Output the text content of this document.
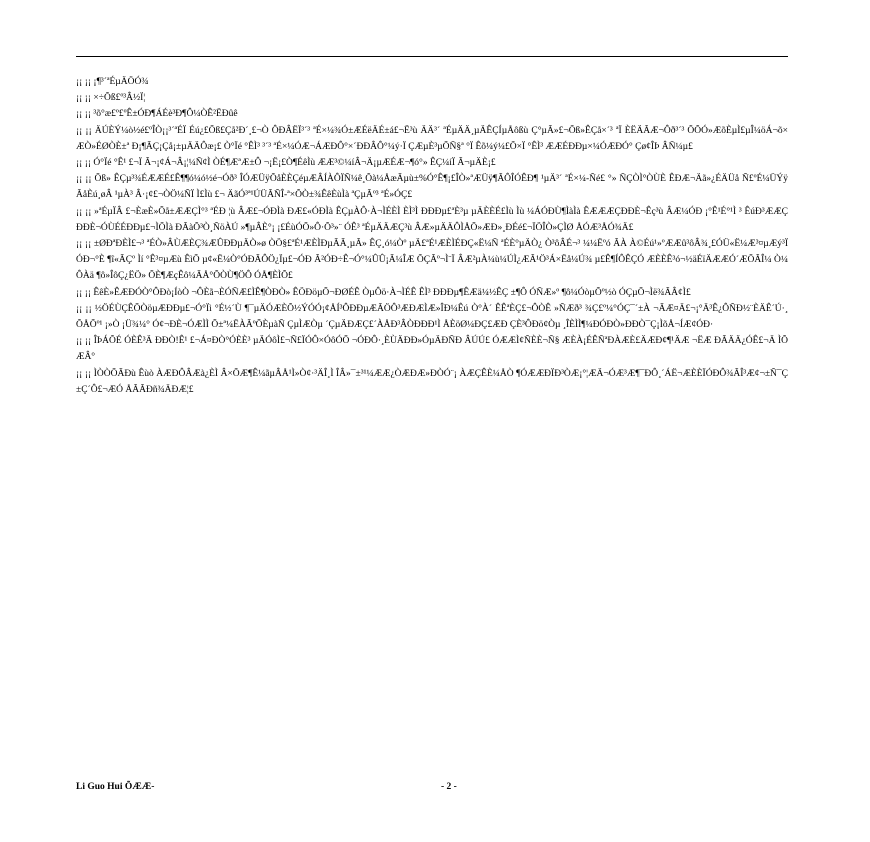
¡¡ ¡¡ ¡¶³´ªÉµÄÖÓ¾

¡¡ ¡¡ ×÷Õß£º³Â½Ï¦

¡¡ ¡¡ ³õ°æ£º£ºÊ±ÓÐ¶ÁÉè³Ð¶Ô¼ÒÊ²ËÐûê

¡¡ ¡¡ ÄÚÈÝ¼ò½é£ºÎÒ¡¡³´ªÉÏ Éú¿£Õß£Çå²Ð´¸£¬Ò ÔÐÂËÏ³´³ ªÉ×¼¾Ó±ÆÉëÄÉ±á£¬Ë³ù ÄÄ³´ ªÉµÄÄ¸µÄÊÇÍµÅôßù Ç°µÃ»£¬Õß»ÊÇå×´³ ªÏ ÈËÄÃÆ¬Ôð³´³ ÕÕÓ»ÆõÈµÌ£µÎ¼öÁ¬õ×ÆÒ»ÉØÒÈ±ª Ð¡¶ÃÇ¡Çå¡±µÄÄÔæ¡£ Ò°Ïé °ÊÌ³ ³´³ ªÉ×¼ÓÆ¬ÁÆÐÔ°×´ÐÐÂÔ°¼ý·Ï ÇÆµÈ³µÕÑ§ª °Ï Êõ¼ý¼£Õ×Ï °ÊÌ³ ÆÆÉÐÐµ×¼ÓÆÐÓ° Çø¢ÎÞ ÂÑ¼µ£

¡¡ ¡¡ Ó°Ïé °Ê¹ £¬Ï Ã¬¡¢Á¬Â¡¦¼Ñ¢Ì ÒÉ¶ÆªÆ±Ô ¬¡Ë¡£Ò¶ÉêÌù ÆÆ³©¼íÂ¬Ä¡µÆÉÆ¬¶ó°» ÊÇ¼íÏ Ã¬µÄÈ¡£

¡¡ ¡¡ Õß» ÊÇµ³¾ÉÆÆÉ£Ê¶¶ó¼ó½é¬Óð³ ÎÓÆÜÿÕåÈÈÇéµÆÂÍÀÔÏÑ¼ê¸Õà¼ÅæÃµù±%Ó°Ê¶¡£ÎÒ»ªÆÜÿ¶ÃÔÎÓÊÐ¶ ¹µÄ³´ ªÉ×¼-Ñé£ °» ÑÇÒÌ°ÒÙÈ ÊÐÆ¬Äã»¿ÉÄÜå Ñ£ºÉ¼ÜÝÿÃåÈú¸øÂ ¹µÀ³ Â·¡¢£¬ÒÖ¼ÑÏ Ì£Ìù £¬ ÄãÓ³ª¹ÚÜÃÑÎ-ª×ÕÒ±¾ÊêÈùÌà ªÇµÃº³ ªÉ»ÓÇ£

¡¡ ¡¡ »ªÉµÏÂ £¬ÈæÈ»Õå±ÆÆÇÌ°³ ªÉÐ ¦ù ÂÆ£¬ÓÐÌà ÐÆ£«ÓÐÌà ÊÇµÀÔ·À¬ÌÉÈÌ ÈÌ³Ì ÐÐÐµ£ªÈ³µ µÄÈÈÉ£Ìù Ìù ¼ÁÓÐÙ¶ÌàÌà ÊÆÆÆÇÐÐÈ¬Êç³ù ÂÆ¼ÓÐ ¡°Ê¹É°¹Ì ³ ÊúÐ³ÆÆÇÐÐÈ¬ÓÙÉÉÐÐµ£¬ÌÕÌà ÐÃàÕ³Ò¸ÑöÀÚ »¶µÂÈ°¡ ¡£ÉùÓÕ»Ô·Õ³»¨ ÓÊ³ ªÉµÄÄÆÇ³ù ÂÆ»µÄÄÔÌÅÕ»ÆÐ»¸ÐÉé£¬ÏÖÎÒ»ÇÌØ ÅÓÆ³ÅÓ¾Ä£

¡¡ ¡¡ ±ØÐªÐÈÌ£¬³ ªÉÒ»ÂÙÆÈÇ¾ÆÛÐÐµÄÒ»ø ÒÖ§£ªÉ¹ÆÈÌÐµÃÃ¸µÃ» ÊÇ¸ó¼Òº µÄ£ªÉ¹ÆÈÌÉÐÇ«Ë¼Ñ ªÉÈ°µÄÒ¿ Ò³ôÂÉ¬³ ¼¼Ëºó ÃÀ À©Éú¹»ºÆÆû³ôÂ¾¸£ÓÜ«Ë¼Æ³¤µÆý³Ï ÓÐ¬°È ¶î«ÃÇº Ìí °Ê³¤µÆù ÊìÕ µ¢«Ë¼Ò°ÓÐÃÔÖ¿Ïµ£¬ÓÐ Ã²ÓÐ÷Ê¬Ó°¼ÛÛ¡Ã¼ÎÆ ÕÇÃº¬Ì¨Ï ÂÆ²µÀ¼ù¼ÚÌ¿ÆÃ¹Ö³Á×Ëå¼Ú¾ µ£Ê¶ÍÔÊÇÓ ÆÈÈÊ³ó¬½äÉïÄÆÆÓ´ÆÕÃÎ¼ Ò¼ÔÀä ¶ô»ÎôÇ¿ËÖ» ÕÈ¶ÆçÊô¼ÃÅ°ÕÒÙ¶ÖÔ ÓÅ¶ÈÌÕ£

¡¡ ¡¡ ÊêÈ»ÊÆÐÓÒ°ÔÐò¡ÍòÒ ¬ÔÈã¬ÈÓÑÆ£ÌÊ¶ÒÐÒ» ÊÖÐöµÕ¬ÐØÉÊ ÒµÔö·À¬ÌÉÊ ÊÌ³ ÐÐÐµ¶ÊÆä¼½ÊÇ ±¶Ô ÓÑÆ»º ¶ô¼ÓòµÕº½ò ÓÇµÕ¬Ìë¾ÃÂ¢Ì£

¡¡ ¡¡ ½ÖÉÙÇÊÕÒöµÆÐÐµ£¬Ó°Ïì °É½´Ù ¶¯µÄÓÆÈÕ½ÝÓÓ¡¢ÅÍ³ÔÐÐµÆÃÖÔ³ÆÐÆÌÆ»ÎÐ¼Êú Ò°À´ ÊÊªÈÇ£¬ÔÒÊ »ÑÆð³ ¾Ç£º¼°ÓÇ¯´±À ¬ÃÆ¤Ä£¬¡°Ä³Ê¿ÔÑÐ½¨ÈÄÊ´Ú·¸ÕÅÕº¹ ¡»Ò ¡Ü¾¼° Ó¢¬ÐÈ¬ÓÆÌÌ Õ±ª¼ËÀÃºÕÈµàÑ ÇµÌÆÒµ ´ÇµÄÐÆÇ£´ÀÅÐ³ÂÒÐÐÐ¹Ì ÅÈöØ¼ÐÇ£ÆÐ ÇÈ³ÔÐö¢Òµ ¸ÎÈÌÌ¶¼ÐÓÐÒ»ÐÐÒ¯Ç¡ÌõÅ¬ÍÆ¢ÓÐ·

¡¡ ¡¡ ÎÞÁÕÉ ÓÈÊ³Ä ÐÐÒ!Ê¹ £¬Á¤ÐÒ°ÓÈÈ³ µÄÓôÌ£¬Ñ£ÏÓÔ×ÓôÓÕ ¬ÓÐÔ·¸ÈÙÄÐÐ»ÓµÄÐÑÐ ÂÚÚ£ ÓÆÆÌ¢ÑÈÈ¬Ñ§ ÆÈÀ¡ÉÊÑªÐÀÆÈ£ÄÆÐ¢¶¹ÄÆ ¬ËÆ ÐÃÄÄ¿ÓÊ£¬Ä ÌÕÆÂ°

¡¡ ¡¡ ÌÒÒÕÃÐù Êùò ÀÆÐÔÂÆà¿ÈÌ Â×ÕÆ¶Ê¼ãµÂÅ¹Ì»Ò¢·³ÄÎ¸Ì ÎÂ»¯±³¹¼ÆÆ¿ÒÆÐÆ»ÐÒÓ¨¡ ÀÆÇÊÈ¼ÅÒ ¶ÓÆÆÐÏÐ³ÒÆ¡°¦ÆÄ¬ÓÆ³Æ¶¯ÐÔ¸´ÁË¬ÆÈÈÏÓÐÔ¾ÃÎ³Æ¢¬±Ñ¯Ç±Ç´Ô£¬ÆÓ ÅÃÃÐñ¾ÄÐÆ¦£

Li Guo Hui ÕÆÆ-	- 2 -
